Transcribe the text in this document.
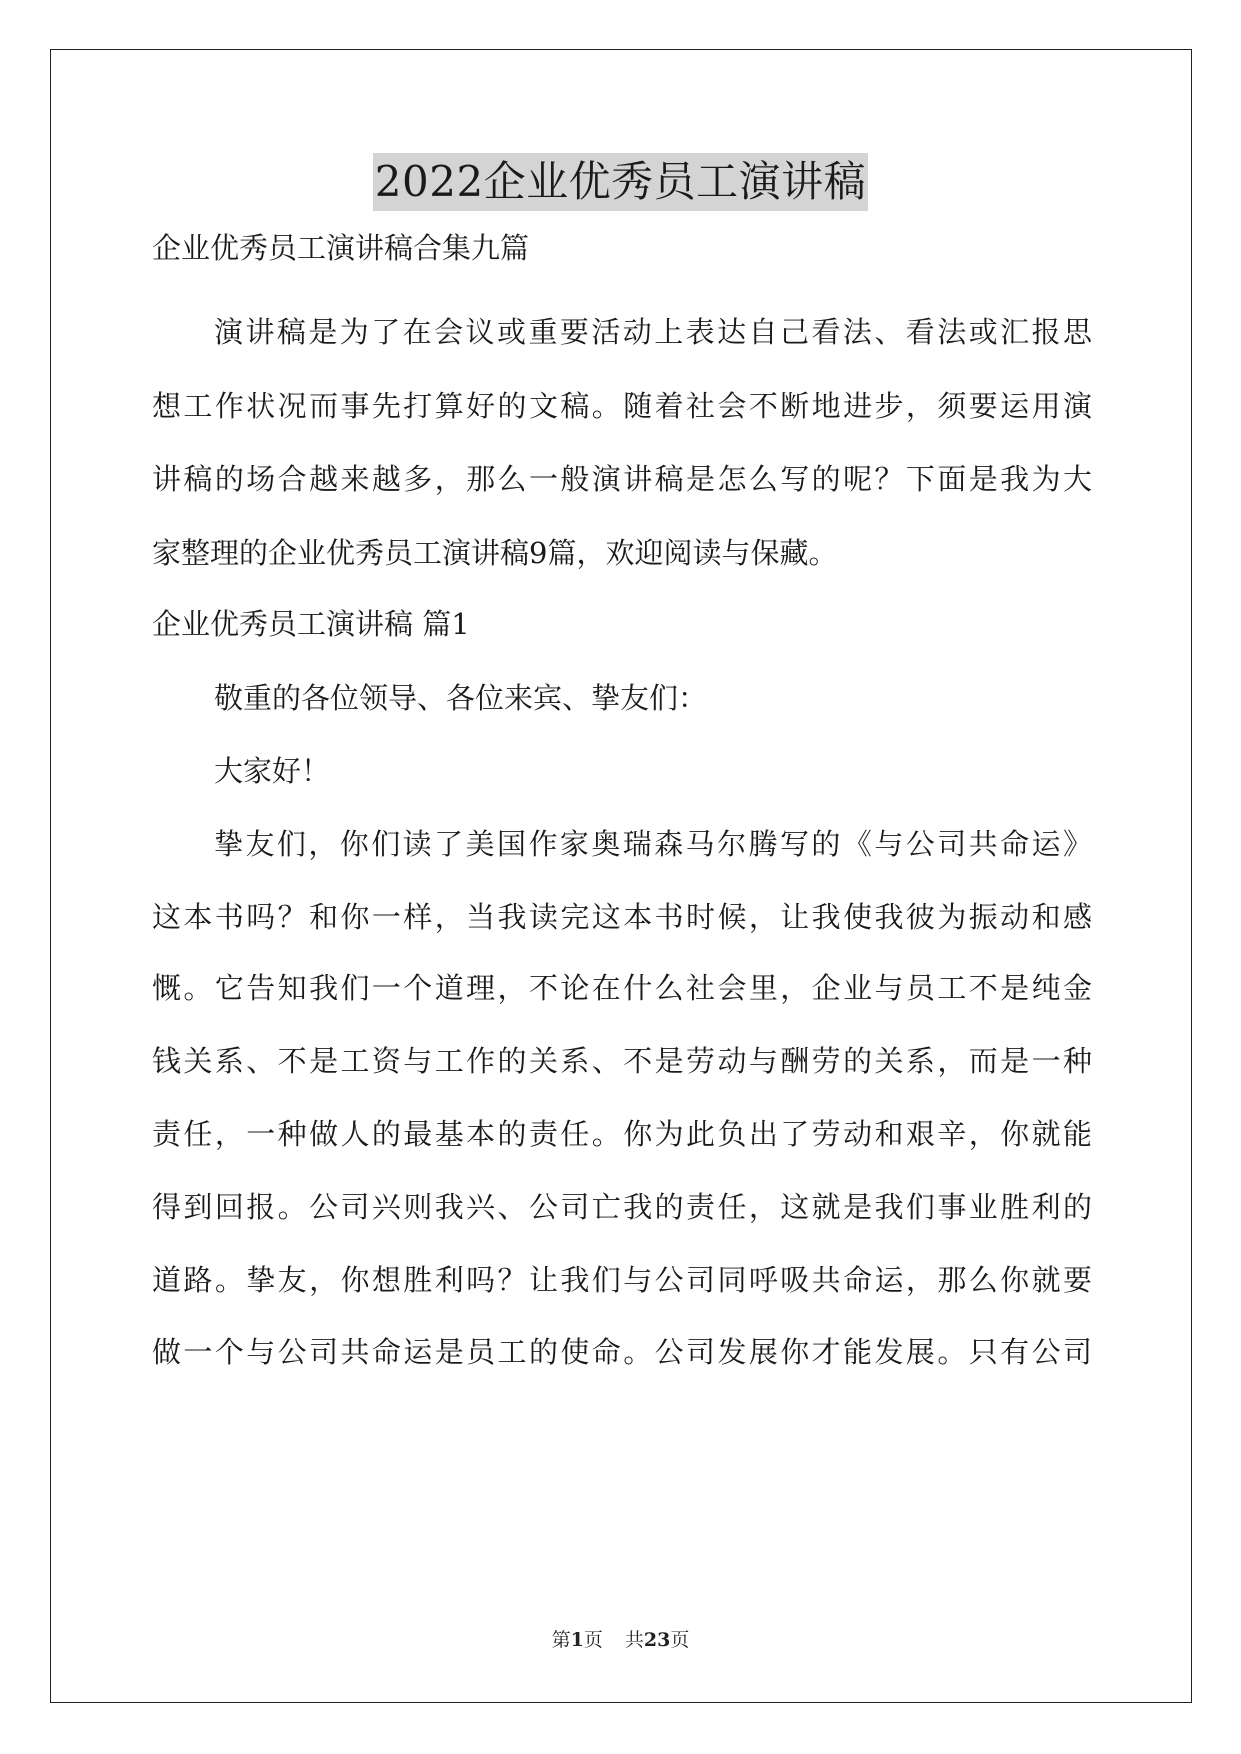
2022企业优秀员工演讲稿
企业优秀员工演讲稿合集九篇
演讲稿是为了在会议或重要活动上表达自己看法、看法或汇报思
想工作状况而事先打算好的文稿。随着社会不断地进步，须要运用演
讲稿的场合越来越多，那么一般演讲稿是怎么写的呢？下面是我为大
家整理的企业优秀员工演讲稿9篇，欢迎阅读与保藏。
企业优秀员工演讲稿 篇1
敬重的各位领导、各位来宾、挚友们：
大家好！
挚友们，你们读了美国作家奥瑞森马尔腾写的《与公司共命运》
这本书吗？和你一样，当我读完这本书时候，让我使我彼为振动和感
慨。它告知我们一个道理，不论在什么社会里，企业与员工不是纯金
钱关系、不是工资与工作的关系、不是劳动与酬劳的关系，而是一种
责任，一种做人的最基本的责任。你为此负出了劳动和艰辛，你就能
得到回报。公司兴则我兴、公司亡我的责任，这就是我们事业胜利的
道路。挚友，你想胜利吗？让我们与公司同呼吸共命运，那么你就要
做一个与公司共命运是员工的使命。公司发展你才能发展。只有公司
第1页 共23页
